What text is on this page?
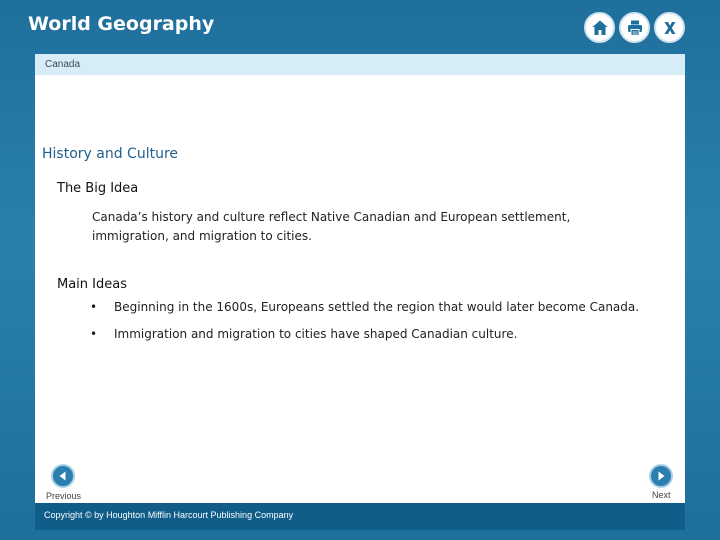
World Geography
Canada
History and Culture
The Big Idea
Canada’s history and culture reflect Native Canadian and European settlement, immigration, and migration to cities.
Main Ideas
• Beginning in the 1600s, Europeans settled the region that would later become Canada.
• Immigration and migration to cities have shaped Canadian culture.
Previous	Next
Copyright © by Houghton Mifflin Harcourt Publishing Company
